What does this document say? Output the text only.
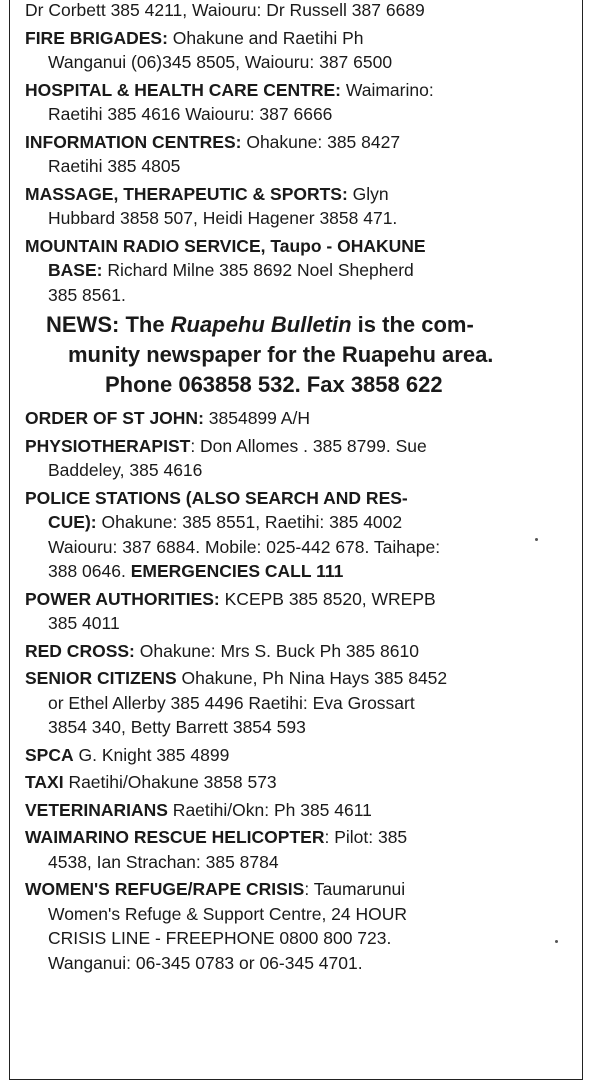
Dr Corbett 385 4211, Waiouru: Dr Russell 387 6689
FIRE BRIGADES: Ohakune and Raetihi Ph
Wanganui (06)345 8505, Waiouru: 387 6500
HOSPITAL & HEALTH CARE CENTRE: Waimarino:
Raetihi 385 4616 Waiouru: 387 6666
INFORMATION CENTRES: Ohakune: 385 8427
Raetihi 385 4805
MASSAGE, THERAPEUTIC & SPORTS: Glyn
Hubbard 3858 507, Heidi Hagener 3858 471.
MOUNTAIN RADIO SERVICE, Taupo - OHAKUNE
BASE: Richard Milne 385 8692 Noel Shepherd
385 8561.
NEWS: The Ruapehu Bulletin is the com-
munity newspaper for the Ruapehu area.
Phone 063858 532. Fax 3858 622
ORDER OF ST JOHN: 3854899 A/H
PHYSIOTHERAPIST: Don Allomes . 385 8799. Sue
Baddeley, 385 4616
POLICE STATIONS (ALSO SEARCH AND RES-
CUE): Ohakune: 385 8551, Raetihi: 385 4002
Waiouru: 387 6884. Mobile: 025-442 678. Taihape:
388 0646. EMERGENCIES CALL 111
POWER AUTHORITIES: KCEPB 385 8520, WREPB
385 4011
RED CROSS: Ohakune: Mrs S. Buck Ph 385 8610
SENIOR CITIZENS Ohakune, Ph Nina Hays 385 8452
or Ethel Allerby 385 4496 Raetihi: Eva Grossart
3854 340, Betty Barrett 3854 593
SPCA G. Knight 385 4899
TAXI Raetihi/Ohakune 3858 573
VETERINARIANS Raetihi/Okn: Ph 385 4611
WAIMARINO RESCUE HELICOPTER: Pilot: 385
4538, Ian Strachan: 385 8784
WOMEN'S REFUGE/RAPE CRISIS: Taumarunui
Women's Refuge & Support Centre, 24 HOUR
CRISIS LINE - FREEPHONE 0800 800 723.
Wanganui: 06-345 0783 or 06-345 4701.
